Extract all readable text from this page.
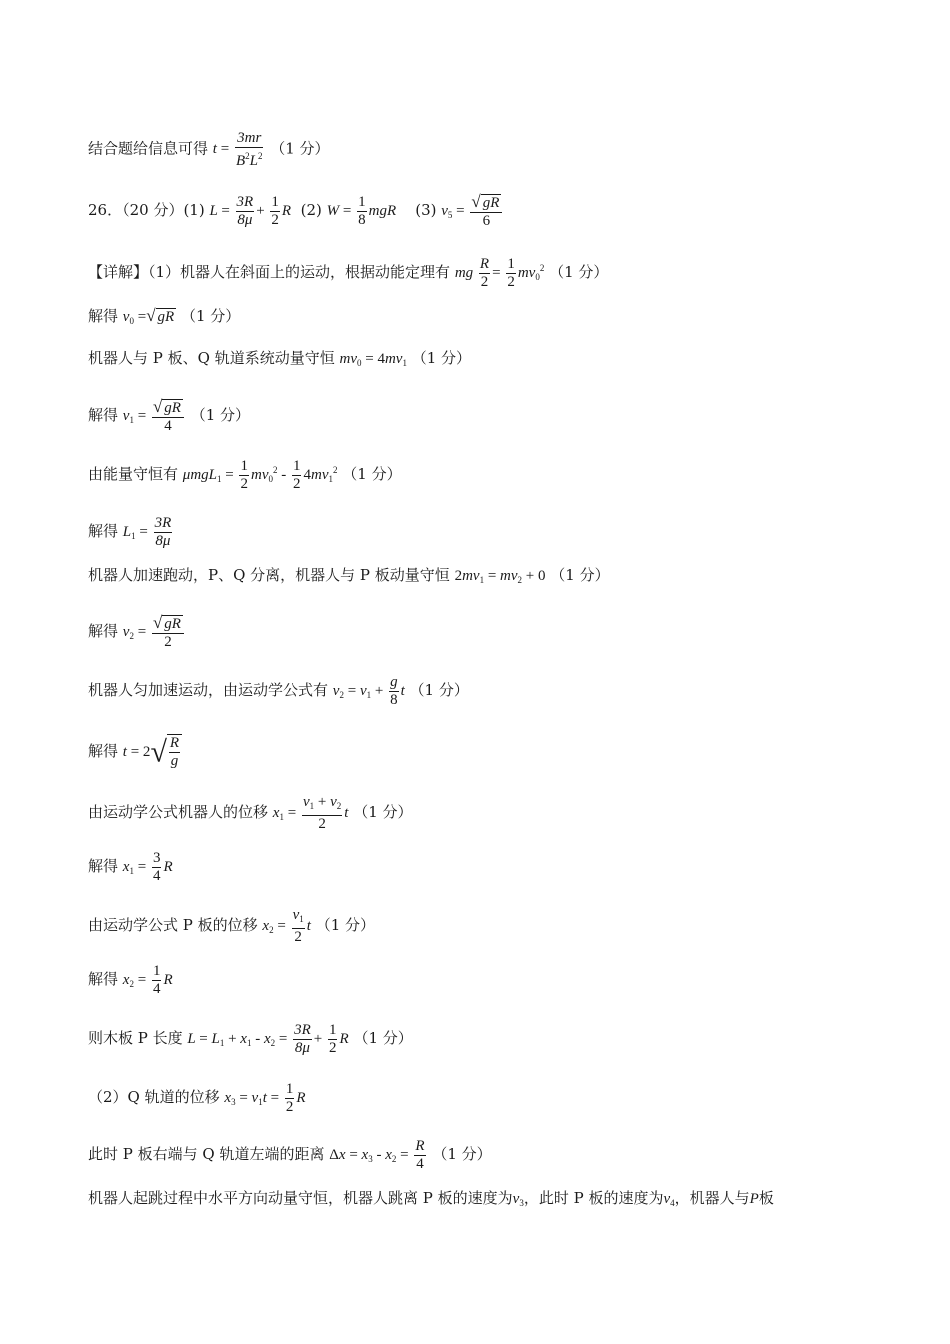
结合题给信息可得 $t = \frac{3mr}{B^2L^2} (1$ 分）
26．（20 分）(1) $L = \frac{3R}{8\mu} + \frac{1}{2}$ R (2) $W = \frac{1}{8}$ mgR (3) $v_5 = \frac{√ gR}{6}$
【详解】（1）机器人在斜面上的运动，根据动能定理有 mg $\frac{R}{2} = \frac{1}{2} mv_0^2$ （1 分）
解得 $v_0$ =√ gR （1 分）
机器人与 P 板、Q 轨道系统动量守恒 $mv_0 = 4mv_1$ （1 分）
解得 $v_1 = \frac{√ gR}{4} (1$ 分）
由能量守恒有 $\mu mgL_1 = \frac{1}{2} mv_0^2 - \frac{1}{2} 4mv_1^2$ （1 分）
解得 $L_1 = \frac{3R}{8\mu}$
机器人加速跑动，P、Q 分离，机器人与 P 板动量守恒 $2mv_1 = mv_2 + 0$ （1 分）
解得 $v_2 = \frac{√ gR}{2}$
机器人匀加速运动，由运动学公式有 $v_2 = v_1 + \frac{g}{8}$ t （1 分）
解得 $t = 2√ \frac{R}{g}$
由运动学公式机器人的位移 $x_1 = \frac{v_1 + v_2}{2}$ t （1 分）
解得 $x_1 = \frac{3}{4}$ R
由运动学公式 P 板的位移 $x_2 = \frac{v_1}{2}$ t （1 分）
解得 $x_2 = \frac{1}{4}$ R
则木板 P 长度 $L = L_1 + x_1 - x_2 = \frac{3R}{8\mu} + \frac{1}{2}$ R （1 分）
（2）Q 轨道的位移 $x_3 = v_1t = \frac{1}{2}$ R
此时 P 板右端与 Q 轨道左端的距离 $\Delta x = x_3 - x_2 = \frac{R}{4} (1$ 分）
机器人起跳过程中水平方向动量守恒，机器人跳离 P 板的速度为$v_3$，此时 P 板的速度为$v_4$，机器人与P板
